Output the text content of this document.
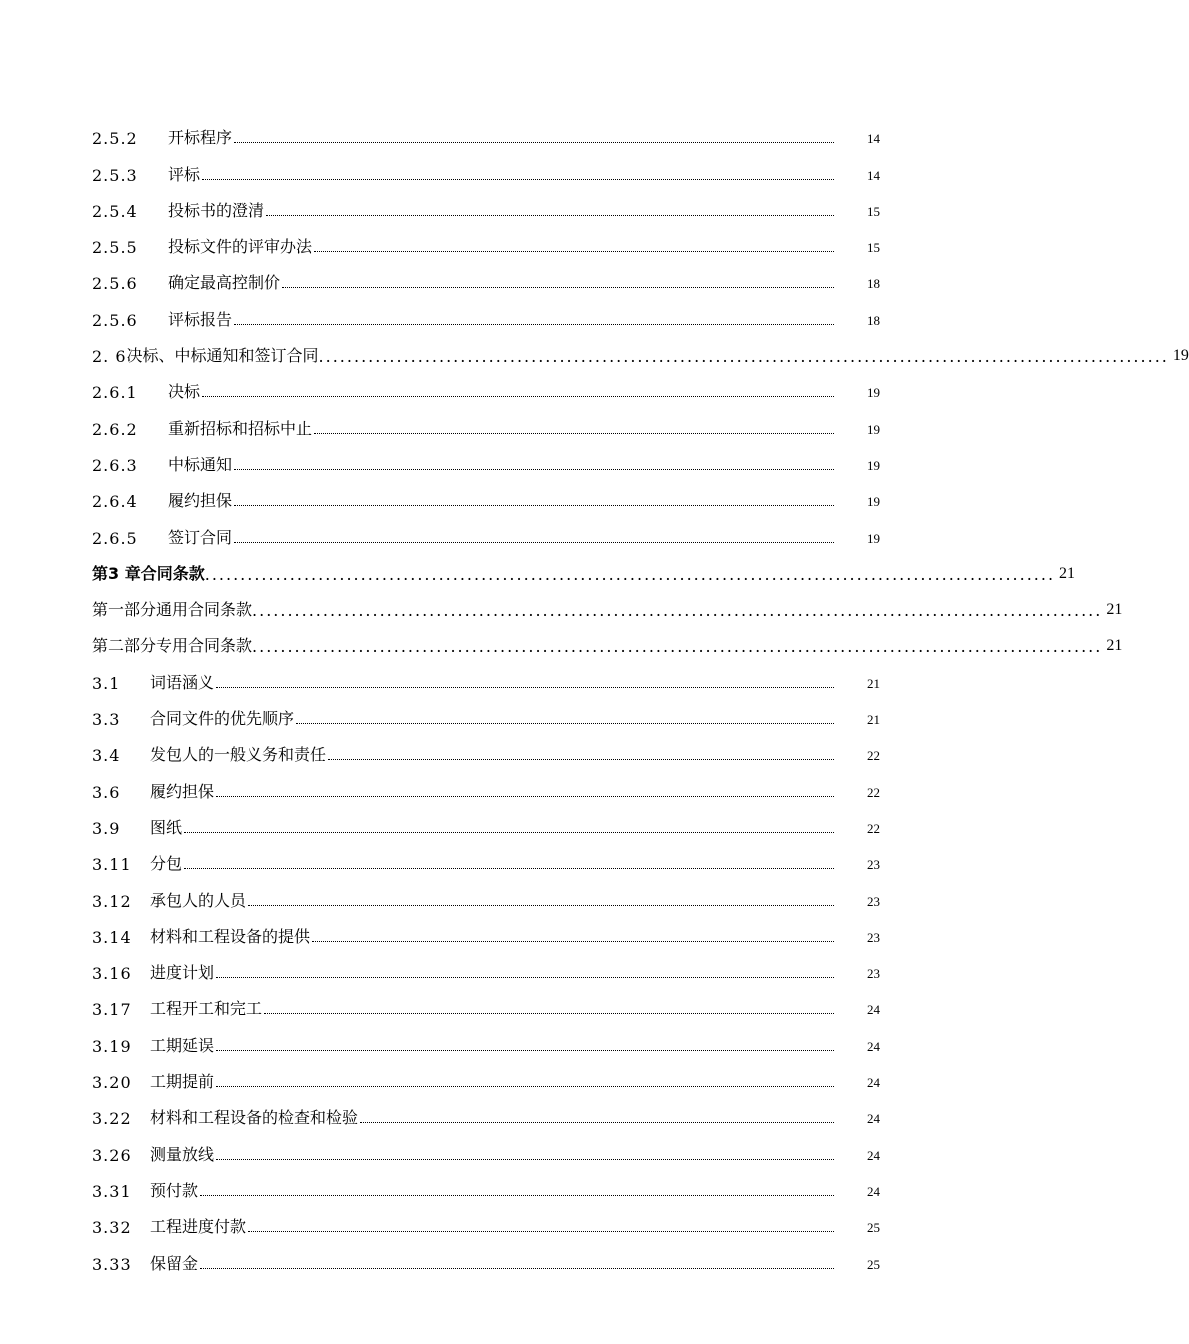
2.5.2	开标程序	14
2.5.3	评标	14
2.5.4	投标书的澄清	15
2.5.5	投标文件的评审办法	15
2.5.6	确定最高控制价	18
2.5.6	评标报告	18
2. 6 决标、中标通知和签订合同 ........................................................................................................................ 19
2.6.1	决标	19
2.6.2	重新招标和招标中止	19
2.6.3	中标通知	19
2.6.4	履约担保	19
2.6.5	签订合同	19
第3 章 合同条款 ........................................................................................................................ 21
第一部分 通用合同条款 ........................................................................................................................ 21
第二部分 专用合同条款 ........................................................................................................................ 21
3.1	词语涵义	21
3.3	合同文件的优先顺序	21
3.4	发包人的一般义务和责任	22
3.6	履约担保	22
3.9	图纸	22
3.11	分包	23
3.12	承包人的人员	23
3.14	材料和工程设备的提供	23
3.16	进度计划	23
3.17	工程开工和完工	24
3.19	工期延误	24
3.20	工期提前	24
3.22	材料和工程设备的检查和检验	24
3.26	测量放线	24
3.31	预付款	24
3.32	工程进度付款	25
3.33	保留金	25
